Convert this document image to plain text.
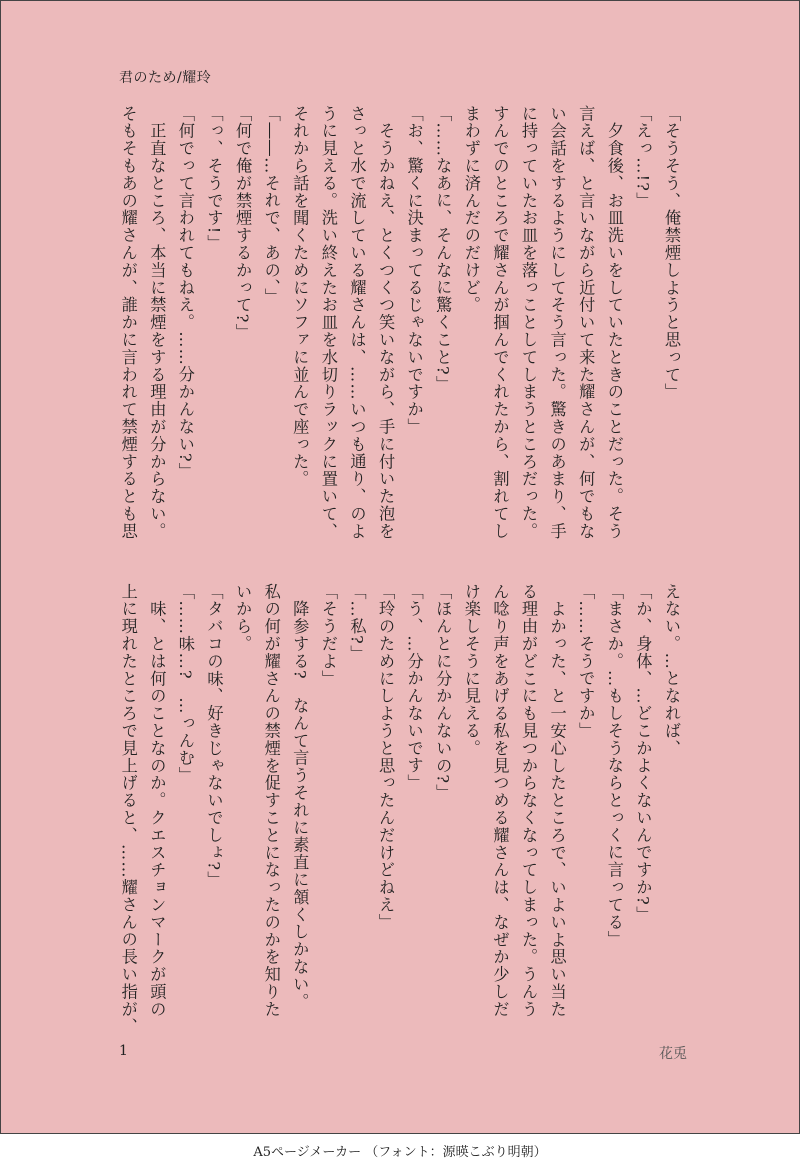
君のため/耀玲

「そうそう、俺禁煙しようと思って」

「えっ…!?」

　夕食後、お皿洗いをしていたときのことだった。そう

言えば、と言いながら近付いて来た耀さんが、何でもな

い会話をするようにしてそう言った。驚きのあまり、手

に持っていたお皿を落っことしてしまうところだった。

すんでのところで耀さんが掴んでくれたから、割れてし

まわずに済んだのだけど。

「……なあに、そんなに驚くこと?」

「お、驚くに決まってるじゃないですか」

　そうかねえ、とくつくつ笑いながら、手に付いた泡を

さっと水で流している耀さんは、……いつも通り、のよ

うに見える。洗い終えたお皿を水切りラックに置いて、

それから話を聞くためにソファに並んで座った。

「――…それで、あの、」

「何で俺が禁煙するかって?」

「っ、そうです!」

「何でって言われてもねえ。……分かんない?」

　正直なところ、本当に禁煙をする理由が分からない。

そもそもあの耀さんが、誰かに言われて禁煙するとも思

えない。…となれば、

「か、身体、…どこかよくないんですか?」

「まさか。…もしそうならとっくに言ってる」

「……そうですか」

　よかった、と一安心したところで、いよいよ思い当た

る理由がどこにも見つからなくなってしまった。うんう

ん唸り声をあげる私を見つめる耀さんは、なぜか少しだ

け楽しそうに見える。

「ほんとに分かんないの?」

「う、…分かんないです」

「玲のためにしようと思ったんだけどねえ」

「…私?」

「そうだよ」

　降参する?　なんて言うそれに素直に頷くしかない。

私の何が耀さんの禁煙を促すことになったのかを知りた

いから。

「タバコの味、好きじゃないでしょ?」

「……味…?　…っんむ」

　味、とは何のことなのか。クエスチョンマークが頭の

上に現れたところで見上げると、……耀さんの長い指が、

1	花兎
A5ページメーカー （フォント：源暎こぶり明朝）
